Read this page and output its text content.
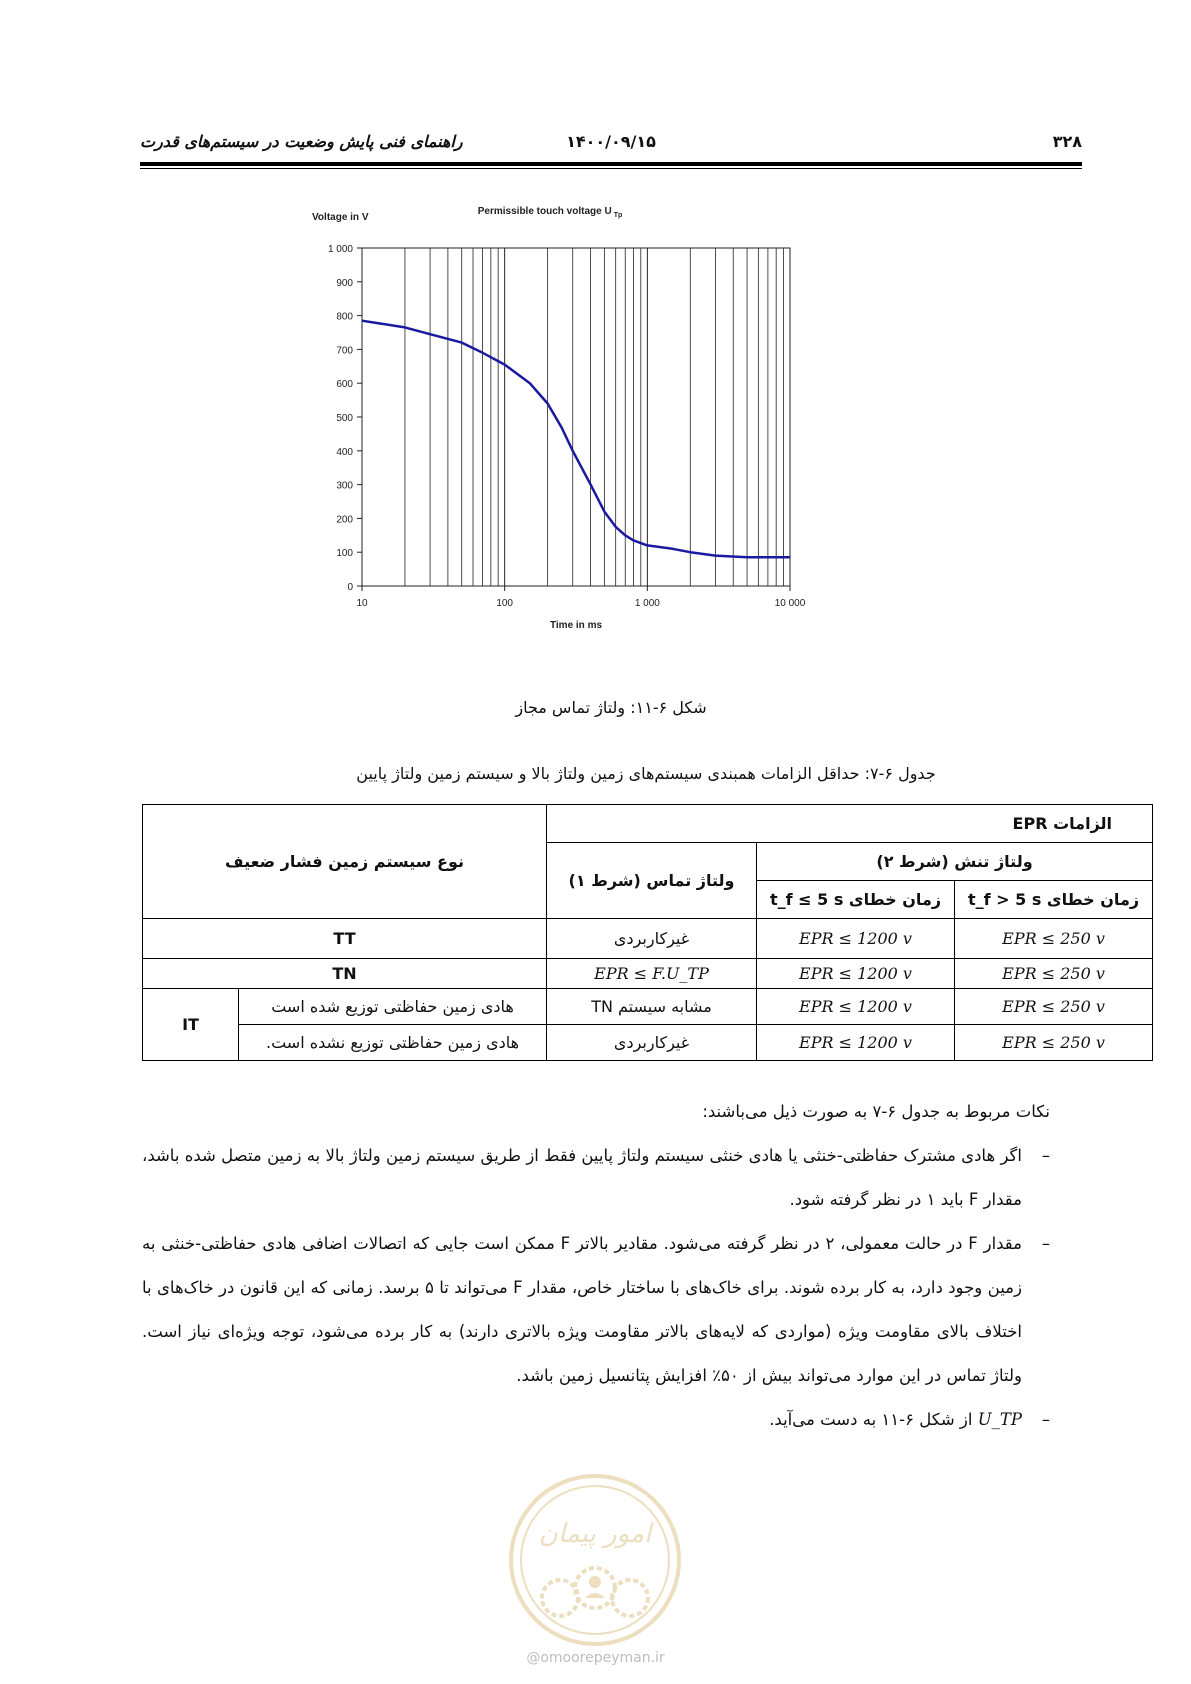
۳۲۸
۱۴۰۰/۰۹/۱۵
راهنمای فنی پایش وضعیت در سیستم‌های قدرت
0
100
200
300
400
500
600
700
800
900
1 000
10	100	1 000	10 000
Voltage in V
Permissible touch voltage U $_{Tp}$
Time in ms
شکل ۶-۱۱: ولتاژ تماس مجاز
جدول ۶-۷: حداقل الزامات همبندی سیستم‌های زمین ولتاژ بالا و سیستم زمین ولتاژ پایین
الزامات EPR			نوع سیستم زمین فشار ضعیف	
ولتاژ تنش (شرط ۲)		ولتاژ تماس (شرط ۱)		
زمان خطای t_f > 5 s	زمان خطای t_f ≤ 5 s			
EPR ≤ 250 v	EPR ≤ 1200 v	غیرکاربردی	TT	
EPR ≤ 250 v	EPR ≤ 1200 v	EPR ≤ F.U_TP	TN	
EPR ≤ 250 v	EPR ≤ 1200 v	مشابه سیستم TN	هادی زمین حفاظتی توزیع شده است	IT
EPR ≤ 250 v	EPR ≤ 1200 v	غیرکاربردی	هادی زمین حفاظتی توزیع نشده است.	

نکات مربوط به جدول ۶-۷ به صورت ذیل می‌باشند:

–
اگر هادی مشترک حفاظتی-خنثی یا هادی خنثی سیستم ولتاژ پایین فقط از طریق سیستم زمین ولتاژ بالا به زمین متصل شده باشد، مقدار F باید ۱ در نظر گرفته شود.

–
مقدار F در حالت معمولی، ۲ در نظر گرفته می‌شود. مقادیر بالاتر F ممکن است جایی که اتصالات اضافی هادی حفاظتی-خنثی به زمین وجود دارد، به کار برده شوند. برای خاک‌های با ساختار خاص، مقدار F می‌تواند تا ۵ برسد. زمانی که این قانون در خاک‌های با اختلاف بالای مقاومت ویژه (مواردی که لایه‌های بالاتر مقاومت ویژه بالاتری دارند) به کار برده می‌شود، توجه ویژه‌ای نیاز است. ولتاژ تماس در این موارد می‌تواند بیش از ۵۰٪ افزایش پتانسیل زمین باشد.

–
U_TP از شکل ۶-۱۱ به دست می‌آید.

امور پیمان
@omoorepeyman.ir
